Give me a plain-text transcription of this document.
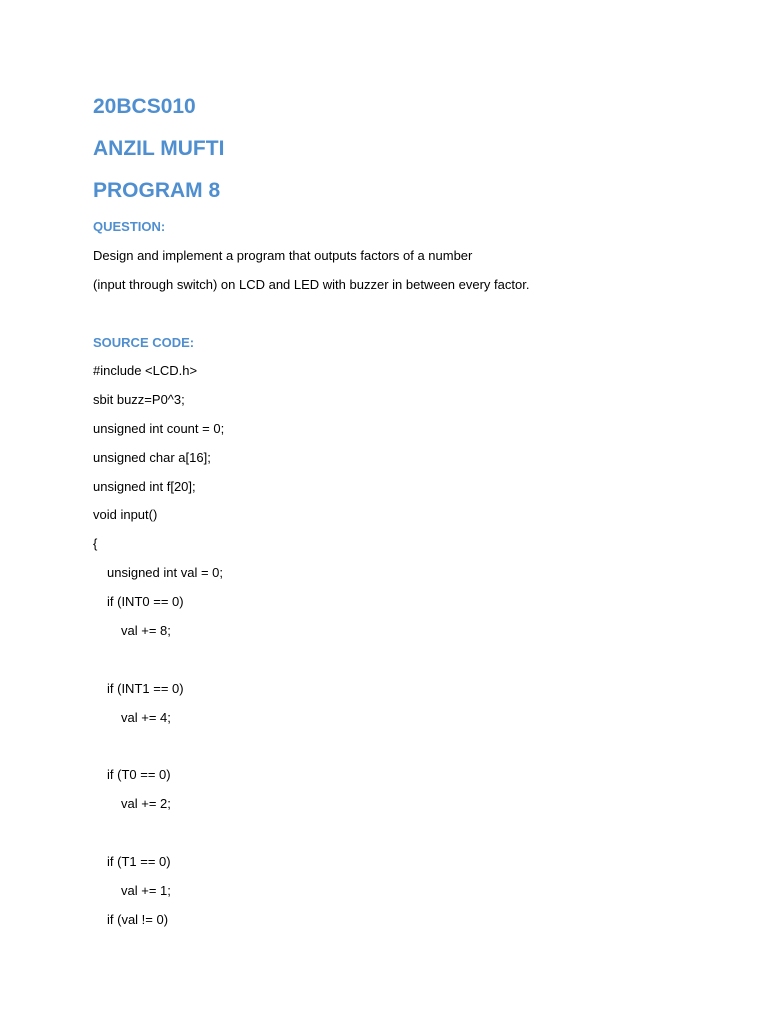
20BCS010
ANZIL MUFTI
PROGRAM 8
QUESTION:
Design and implement a program that outputs factors of a number
(input through switch) on LCD and LED with buzzer in between every factor.
SOURCE CODE:
#include <LCD.h>
sbit buzz=P0^3;
unsigned int count = 0;
unsigned char a[16];
unsigned int f[20];
void input()
{
unsigned int val = 0;
if (INT0 == 0)
val += 8;
if (INT1 == 0)
val += 4;
if (T0 == 0)
val += 2;
if (T1 == 0)
val += 1;
if (val != 0)
